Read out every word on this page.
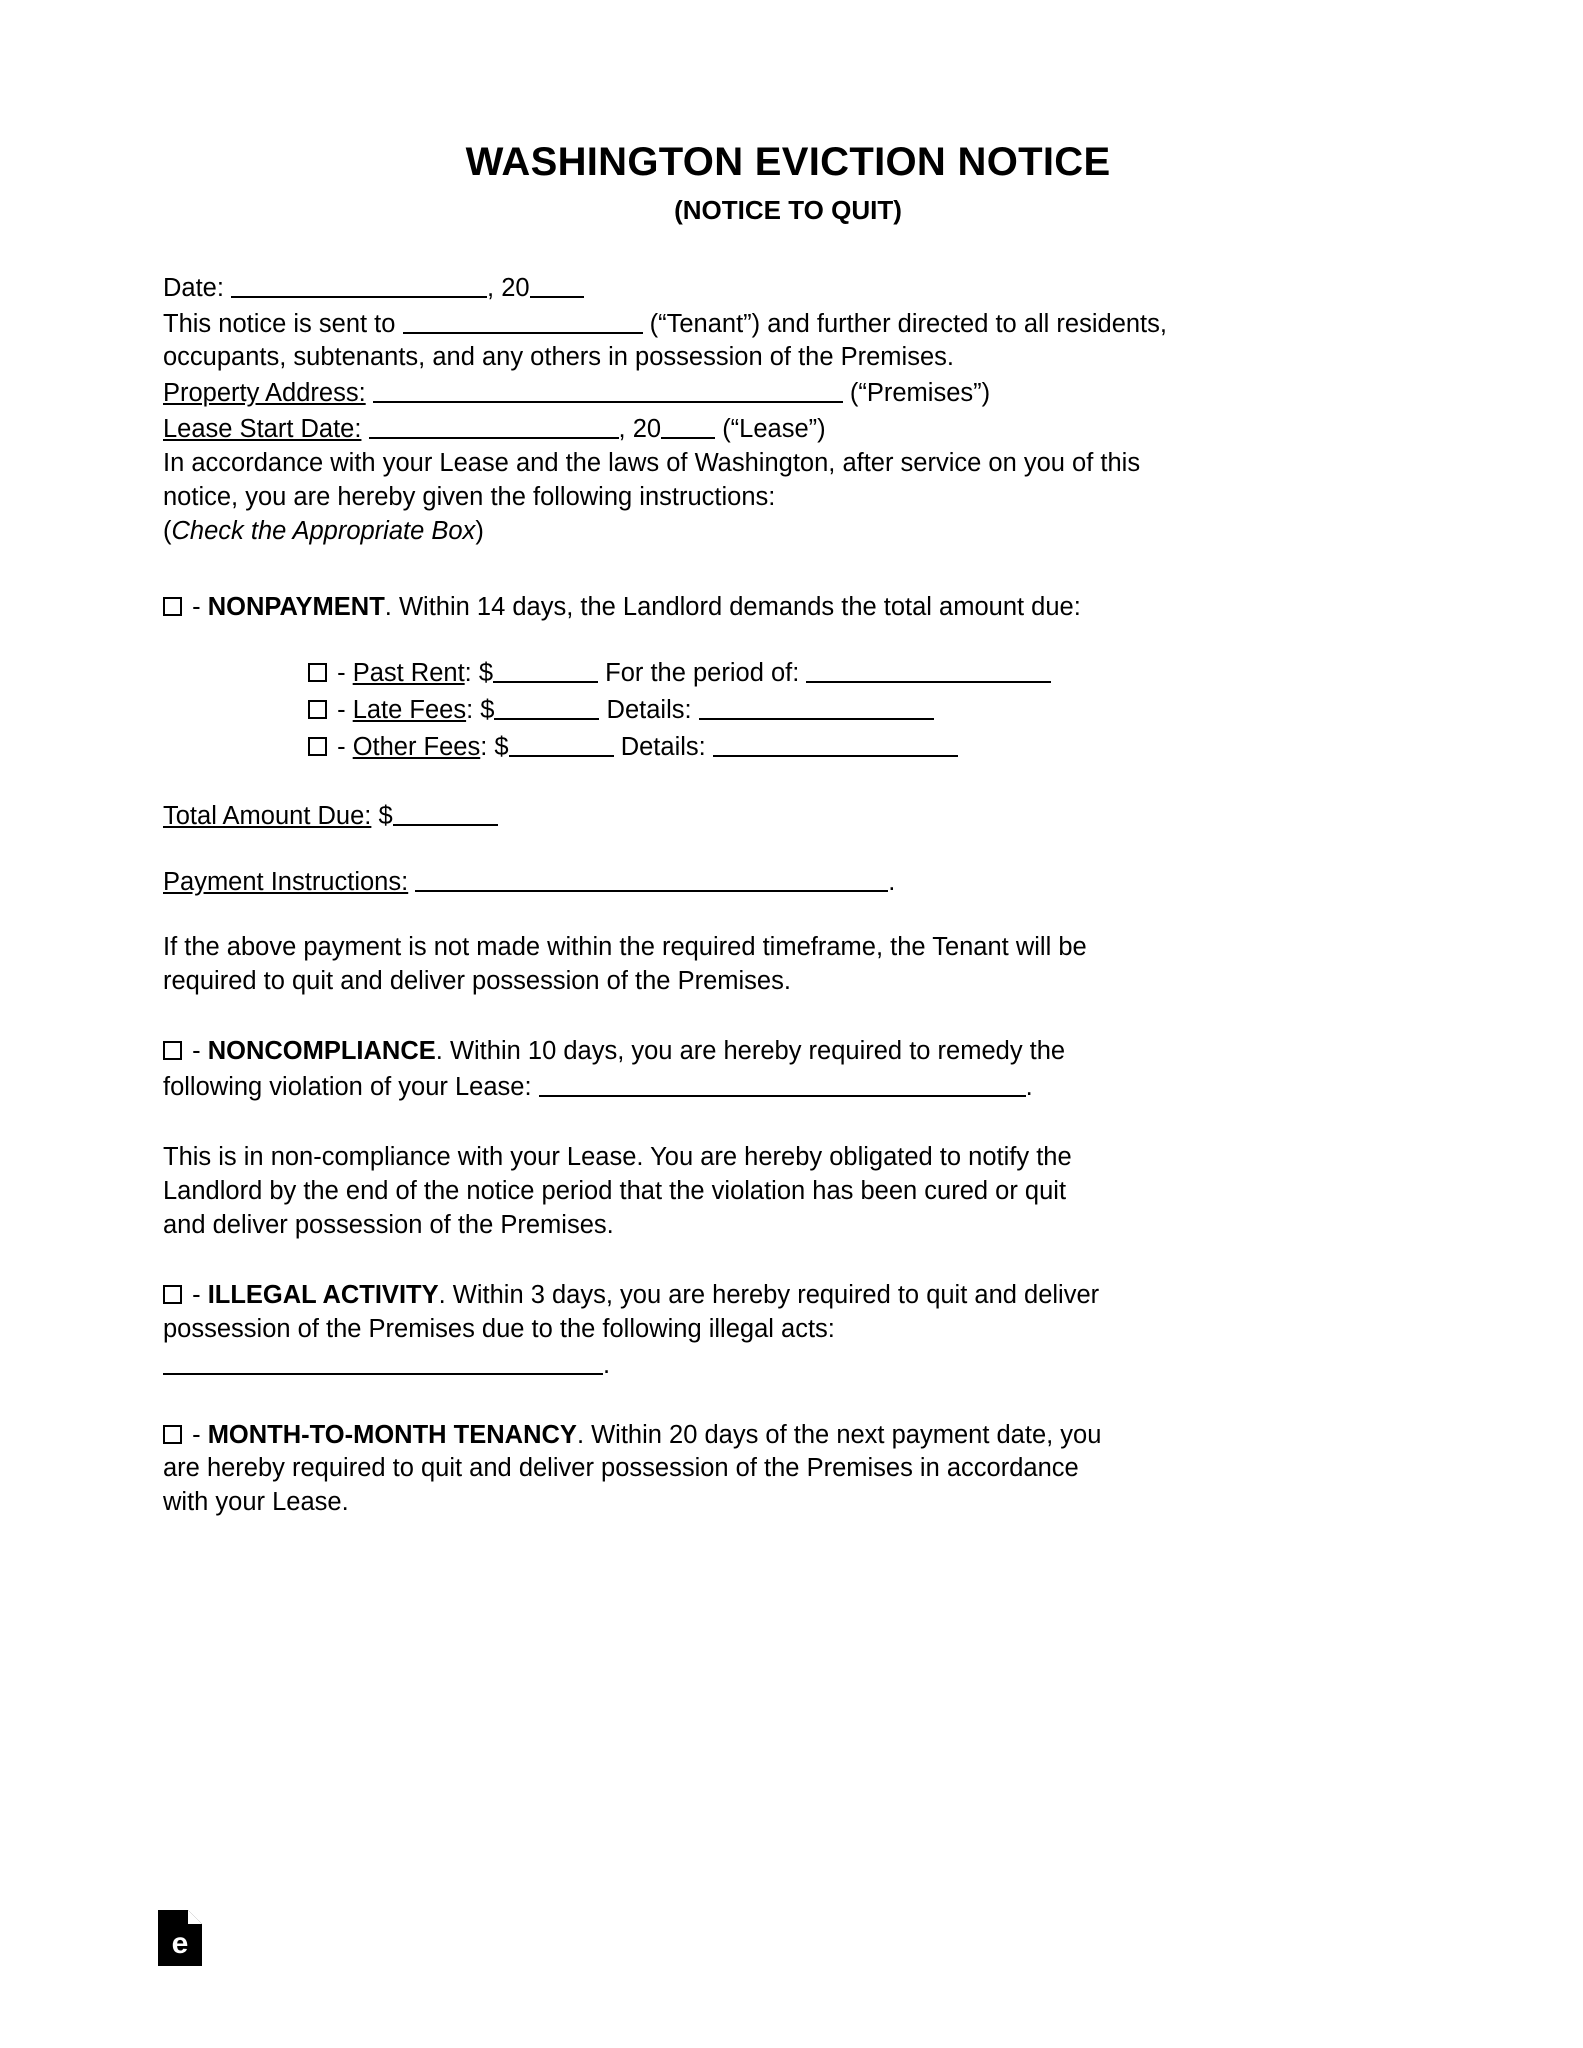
WASHINGTON EVICTION NOTICE
(NOTICE TO QUIT)

Date:	, 20

This notice is sent to	(“Tenant”) and further directed to all residents,
occupants, subtenants, and any others in possession of the Premises.

Property Address:	(“Premises”)

Lease Start Date:	, 20 (“Lease”)

In accordance with your Lease and the laws of Washington, after service on you of this
notice, you are hereby given the following instructions:

(Check the Appropriate Box)

- NONPAYMENT. Within 14 days, the Landlord demands the total amount due:

- Past Rent: $	For the period of:

- Late Fees: $	Details:

- Other Fees: $	Details:

Total Amount Due: $

Payment Instructions:	.

If the above payment is not made within the required timeframe, the Tenant will be
required to quit and deliver possession of the Premises.

- NONCOMPLIANCE. Within 10 days, you are hereby required to remedy the
following violation of your Lease:	.

This is in non-compliance with your Lease. You are hereby obligated to notify the
Landlord by the end of the notice period that the violation has been cured or quit
and deliver possession of the Premises.

- ILLEGAL ACTIVITY. Within 3 days, you are hereby required to quit and deliver
possession of the Premises due to the following illegal acts:
.

- MONTH-TO-MONTH TENANCY. Within 20 days of the next payment date, you
are hereby required to quit and deliver possession of the Premises in accordance
with your Lease.

e
